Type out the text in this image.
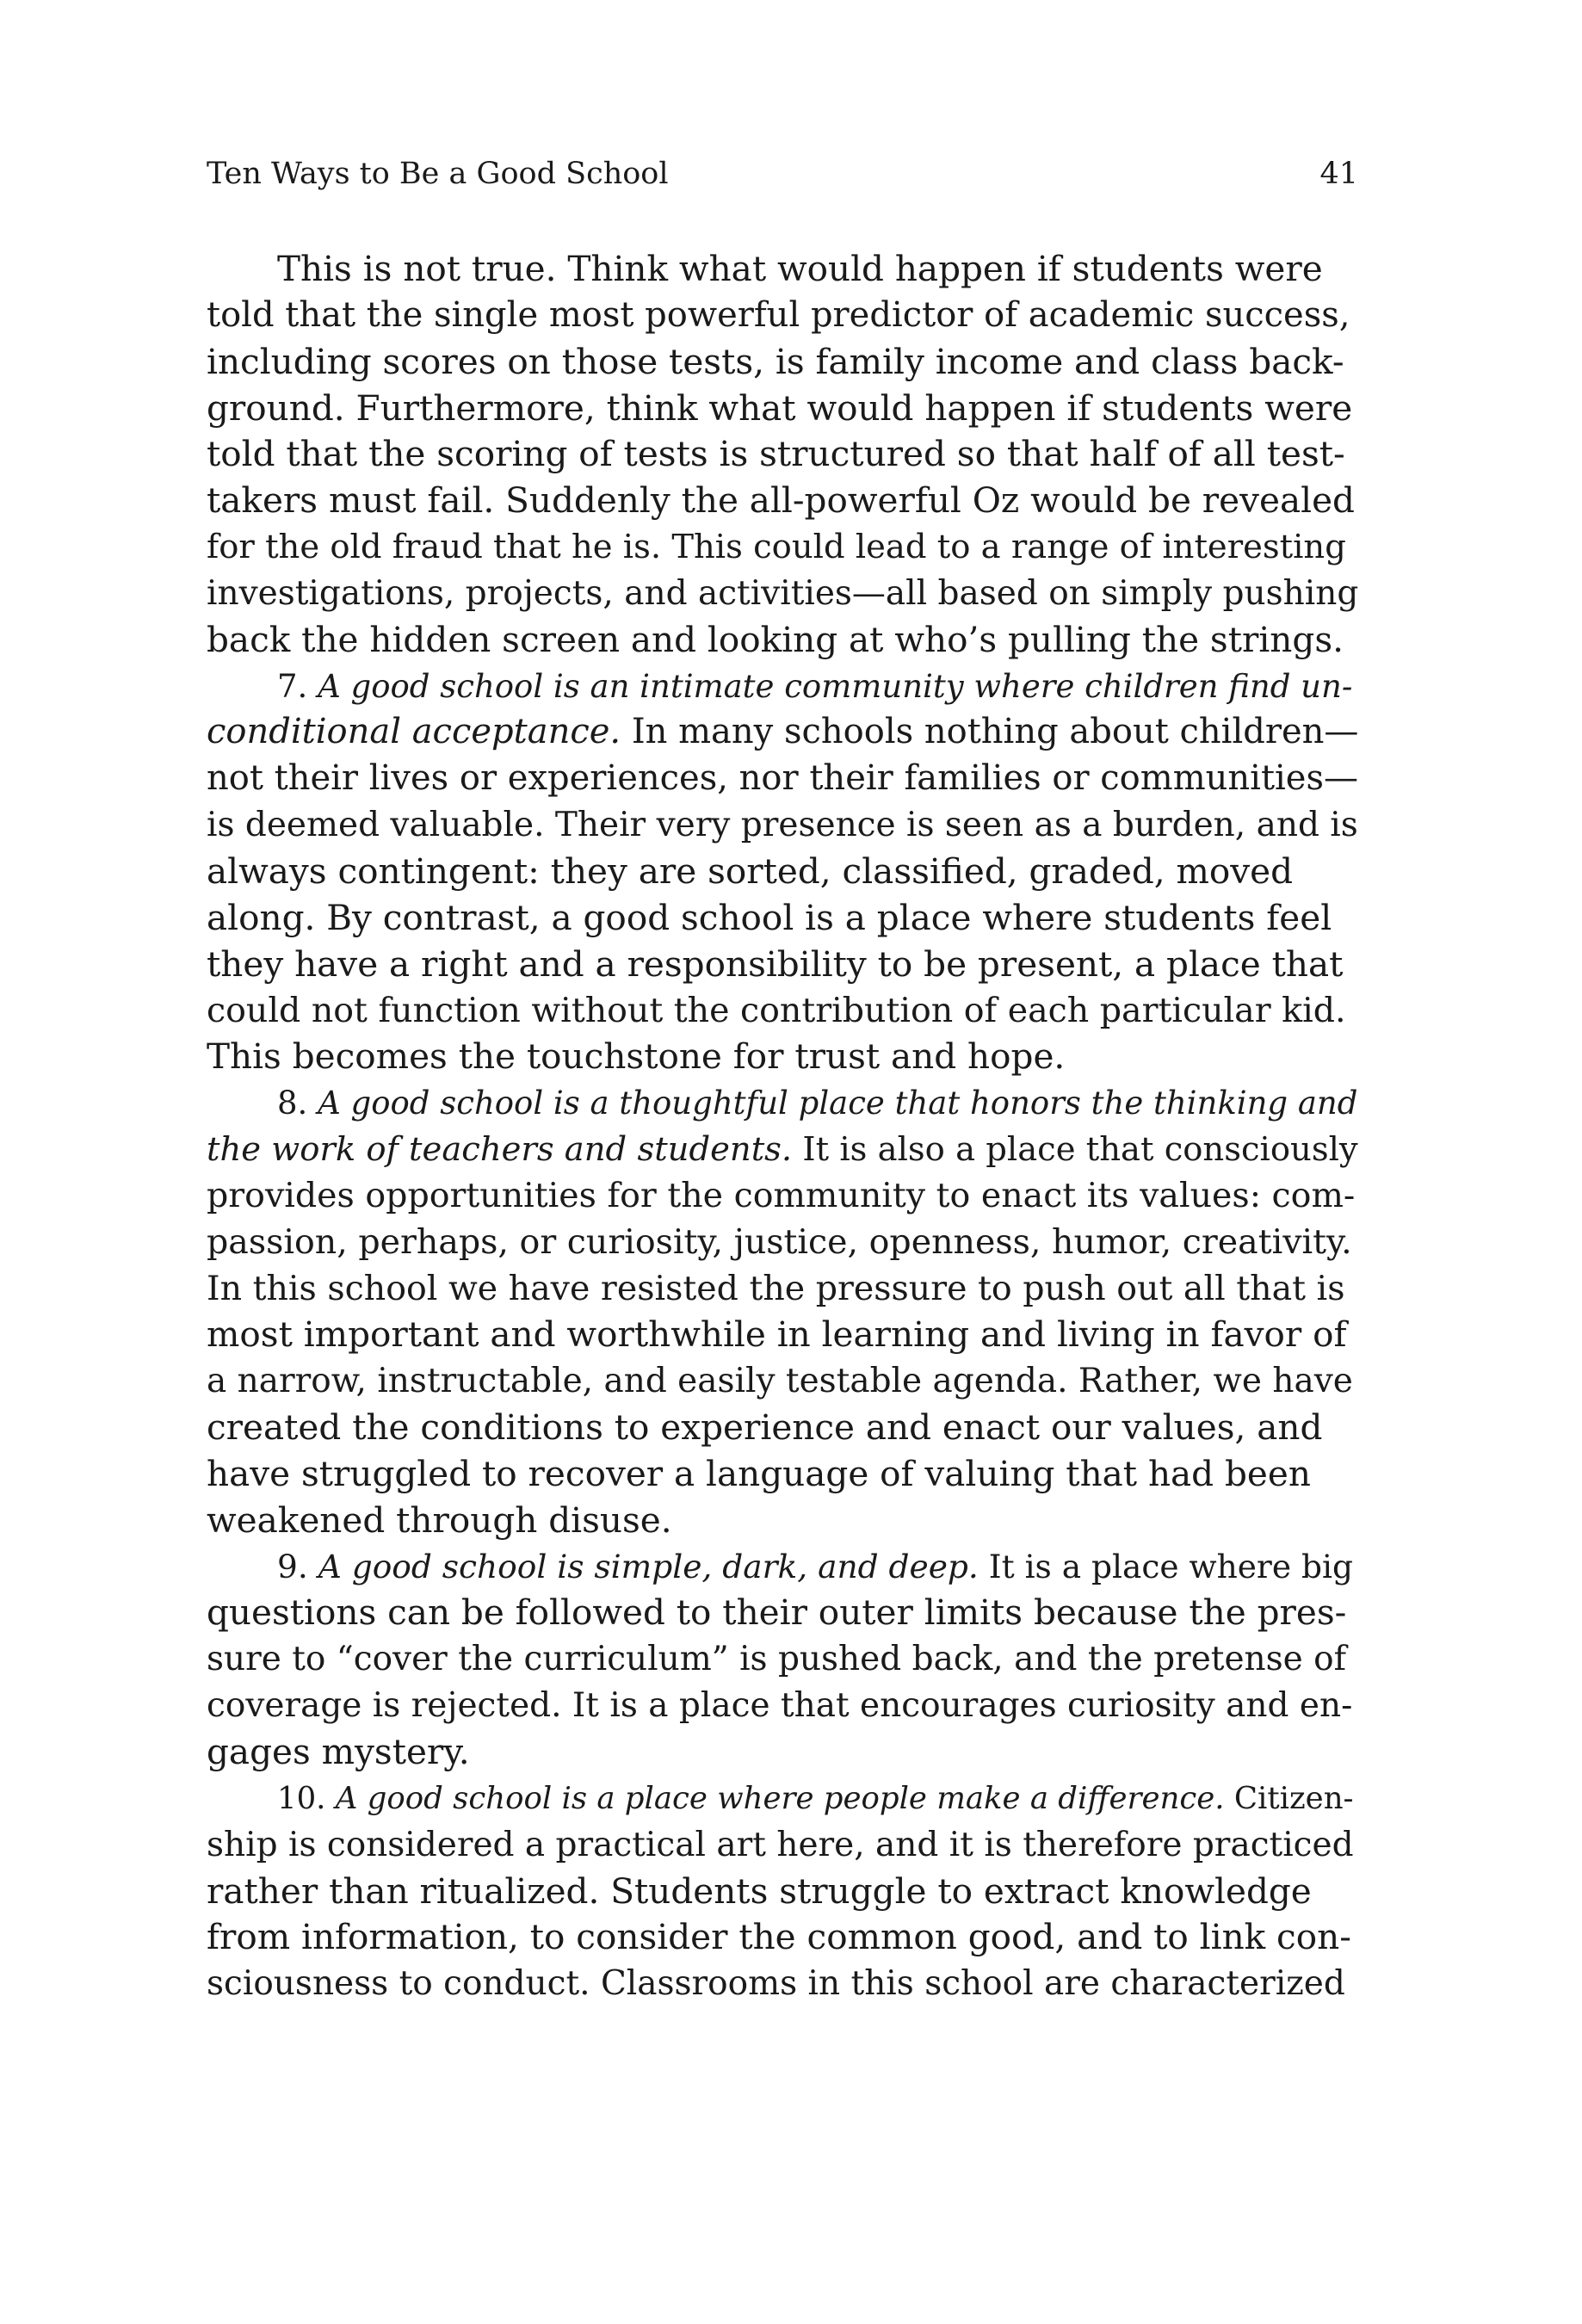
Ten Ways to Be a Good School	41
This is not true. Think what would happen if students were
told that the single most powerful predictor of academic success,
including scores on those tests, is family income and class back-
ground. Furthermore, think what would happen if students were
told that the scoring of tests is structured so that half of all test-
takers must fail. Suddenly the all-powerful Oz would be revealed
for the old fraud that he is. This could lead to a range of interesting
investigations, projects, and activities—all based on simply pushing
back the hidden screen and looking at who’s pulling the strings.
7. A good school is an intimate community where children find un-
conditional acceptance. In many schools nothing about children—
not their lives or experiences, nor their families or communities—
is deemed valuable. Their very presence is seen as a burden, and is
always contingent: they are sorted, classified, graded, moved
along. By contrast, a good school is a place where students feel
they have a right and a responsibility to be present, a place that
could not function without the contribution of each particular kid.
This becomes the touchstone for trust and hope.
8. A good school is a thoughtful place that honors the thinking and
the work of teachers and students. It is also a place that consciously
provides opportunities for the community to enact its values: com-
passion, perhaps, or curiosity, justice, openness, humor, creativity.
In this school we have resisted the pressure to push out all that is
most important and worthwhile in learning and living in favor of
a narrow, instructable, and easily testable agenda. Rather, we have
created the conditions to experience and enact our values, and
have struggled to recover a language of valuing that had been
weakened through disuse.
9. A good school is simple, dark, and deep. It is a place where big
questions can be followed to their outer limits because the pres-
sure to “cover the curriculum” is pushed back, and the pretense of
coverage is rejected. It is a place that encourages curiosity and en-
gages mystery.
10. A good school is a place where people make a difference. Citizen-
ship is considered a practical art here, and it is therefore practiced
rather than ritualized. Students struggle to extract knowledge
from information, to consider the common good, and to link con-
sciousness to conduct. Classrooms in this school are characterized
